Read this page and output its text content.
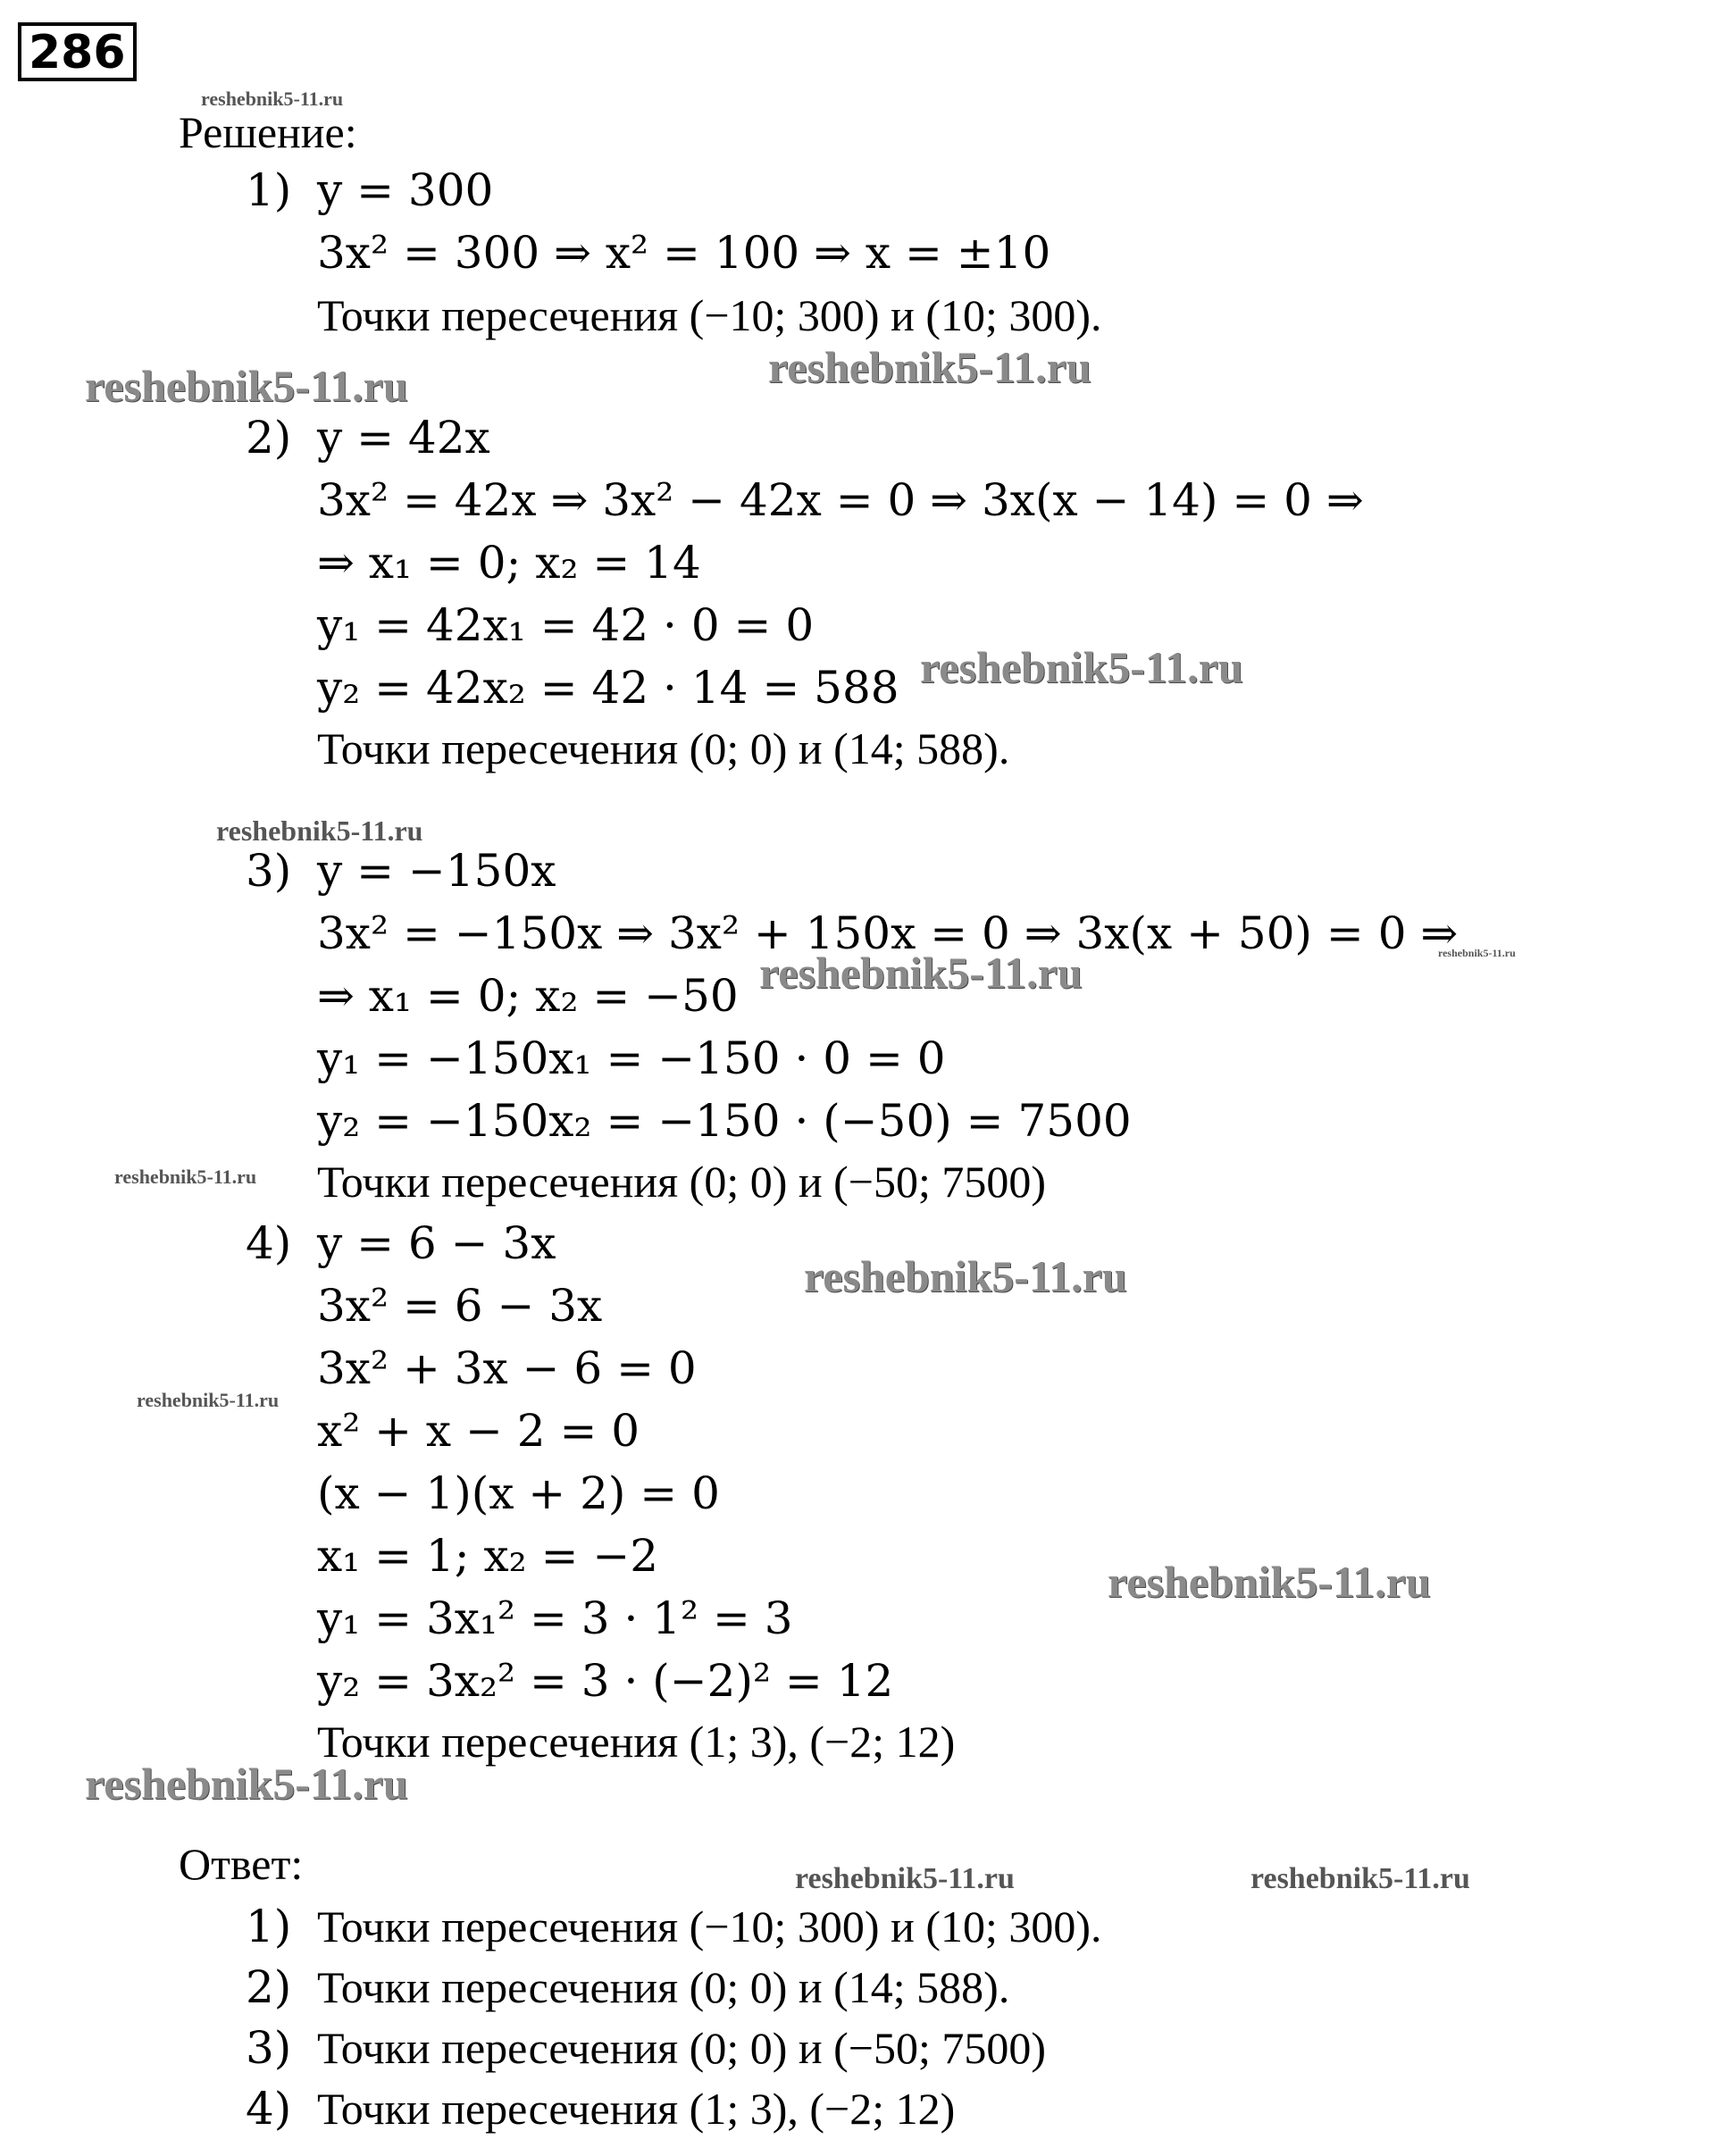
286
reshebnik5-11.ru
reshebnik5-11.ru	reshebnik5-11.ru
reshebnik5-11.ru
reshebnik5-11.ru
reshebnik5-11.ru
reshebnik5-11.ru
reshebnik5-11.ru
reshebnik5-11.ru
reshebnik5-11.ru
reshebnik5-11.ru
reshebnik5-11.ru
reshebnik5-11.ru	reshebnik5-11.ru
Решение:
1) y = 300
3x² = 300 ⇒ x² = 100 ⇒ x = ±10
Точки пересечения (−10; 300) и (10; 300).
2) y = 42x
3x² = 42x ⇒ 3x² − 42x = 0 ⇒ 3x(x − 14) = 0 ⇒
⇒ x₁ = 0; x₂ = 14
y₁ = 42x₁ = 42 · 0 = 0
y₂ = 42x₂ = 42 · 14 = 588
Точки пересечения (0; 0) и (14; 588).
3) y = −150x
3x² = −150x ⇒ 3x² + 150x = 0 ⇒ 3x(x + 50) = 0 ⇒
⇒ x₁ = 0; x₂ = −50
y₁ = −150x₁ = −150 · 0 = 0
y₂ = −150x₂ = −150 · (−50) = 7500
Точки пересечения (0; 0) и (−50; 7500)
4) y = 6 − 3x
3x² = 6 − 3x
3x² + 3x − 6 = 0
x² + x − 2 = 0
(x − 1)(x + 2) = 0
x₁ = 1; x₂ = −2
y₁ = 3x₁² = 3 · 1² = 3
y₂ = 3x₂² = 3 · (−2)² = 12
Точки пересечения (1; 3), (−2; 12)
Ответ:
1) Точки пересечения (−10; 300) и (10; 300).
2) Точки пересечения (0; 0) и (14; 588).
3) Точки пересечения (0; 0) и (−50; 7500)
4) Точки пересечения (1; 3), (−2; 12)
